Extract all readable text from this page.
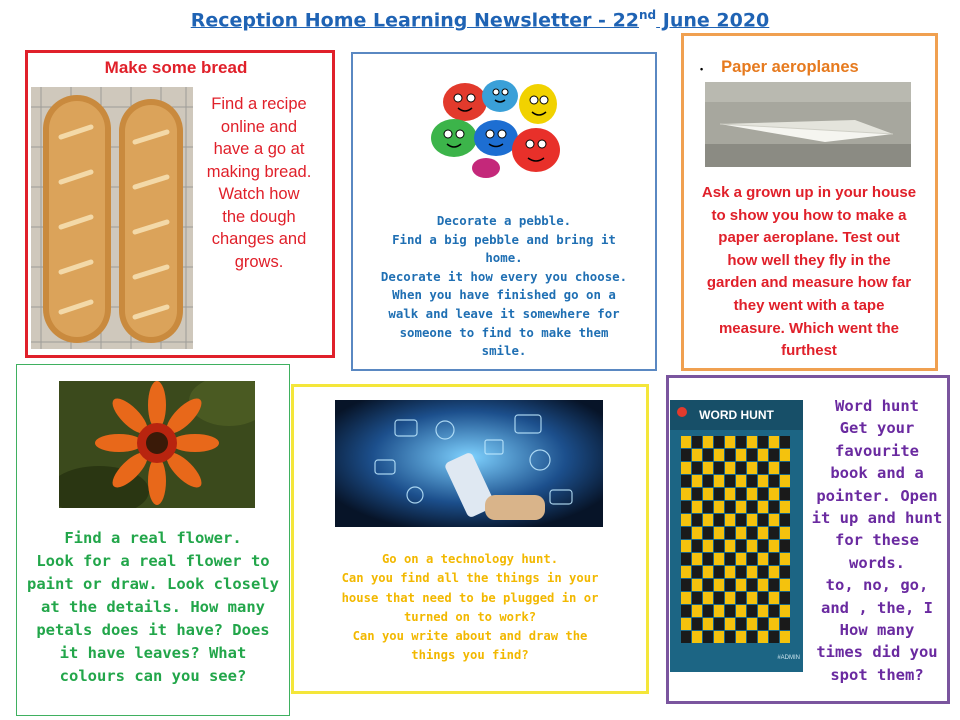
Reception Home Learning Newsletter - 22nd June 2020
Make some bread
Find a recipe
online and
have a go at
making bread.
Watch how
the dough
changes and
grows.
Decorate a pebble.
Find a big pebble and bring it
home.
Decorate it how every you choose.
When you have finished go on a
walk and leave it somewhere for
someone to find to make them
smile.
• Paper aeroplanes
Ask a grown up in your house
to show you how to make a
paper aeroplane. Test out
how well they fly in the
garden and measure how far
they went with a tape
measure. Which went the
furthest
Find a real flower.
Look for a real flower to
paint or draw. Look closely
at the details. How many
petals does it have? Does
it have leaves? What
colours can you see?
Go on a technology hunt.
Can you find all the things in your
house that need to be plugged in or
turned on to work?
Can you write about and draw the
things you find?
WORD HUNT
#ADMIN
Word hunt
Get your
favourite
book and a
pointer. Open
it up and hunt
for these
words.
to, no, go,
and , the, I
How many
times did you
spot them?
